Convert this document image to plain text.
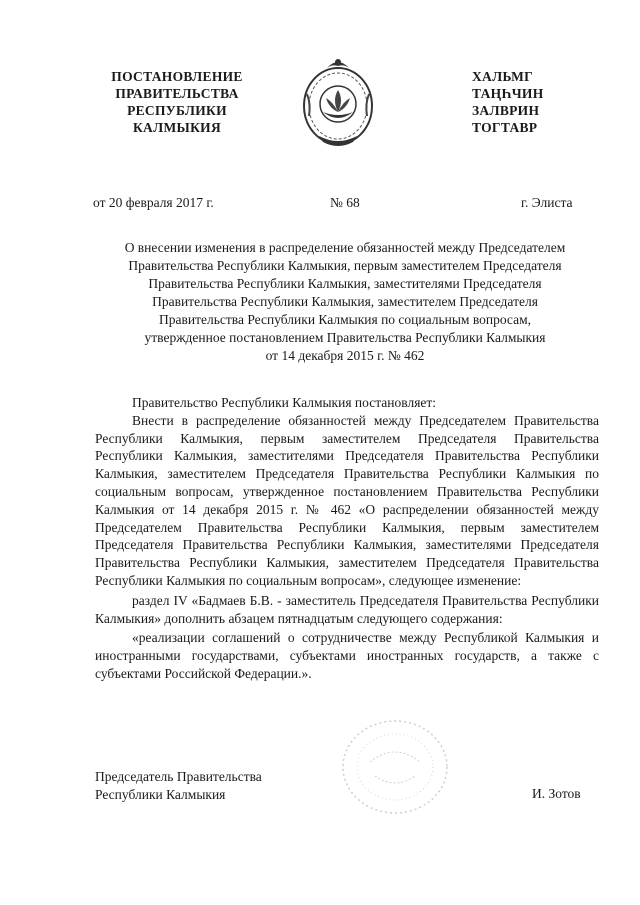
ПОСТАНОВЛЕНИЕ
ПРАВИТЕЛЬСТВА
РЕСПУБЛИКИ
КАЛМЫКИЯ
ХАЛЬМГ
ТАҢҺЧИН
ЗАЛВРИН
ТОГТАВР
от 20 февраля 2017 г.	№ 68	г. Элиста
О внесении изменения в распределение обязанностей между Председателем
Правительства Республики Калмыкия, первым заместителем Председателя
Правительства Республики Калмыкия, заместителями Председателя
Правительства Республики Калмыкия, заместителем Председателя
Правительства Республики Калмыкия по социальным вопросам,
утвержденное постановлением Правительства Республики Калмыкия
от 14 декабря 2015 г. № 462

Правительство Республики Калмыкия постановляет:

Внести в распределение обязанностей между Председателем Правительства Республики Калмыкия, первым заместителем Председателя Правительства Республики Калмыкия, заместителями Председателя Правительства Республики Калмыкия, заместителем Председателя Правительства Республики Калмыкия по социальным вопросам, утвержденное постановлением Правительства Республики Калмыкия от 14 декабря 2015 г. № 462 «О распределении обязанностей между Председателем Правительства Республики Калмыкия, первым заместителем Председателя Правительства Республики Калмыкия, заместителями Председателя Правительства Республики Калмыкия, заместителем Председателя Правительства Республики Калмыкия по социальным вопросам», следующее изменение:

раздел IV «Бадмаев Б.В. - заместитель Председателя Правительства Республики Калмыкия» дополнить абзацем пятнадцатым следующего содержания:

«реализации соглашений о сотрудничестве между Республикой Калмыкия и иностранными государствами, субъектами иностранных государств, а также с субъектами Российской Федерации.».

Председатель Правительства
Республики Калмыкия	И. Зотов
